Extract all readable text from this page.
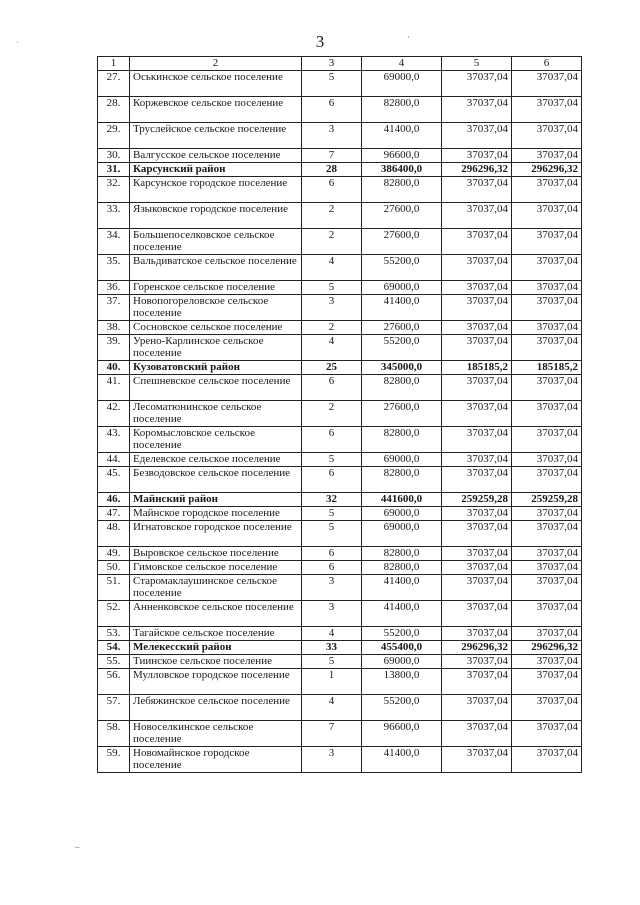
3
1	2	3	4	5	6
27.	Оськинское сельское поселение	5	69000,0	37037,04	37037,04
28.	Коржевское сельское поселение	6	82800,0	37037,04	37037,04
29.	Труслейское сельское поселение	3	41400,0	37037,04	37037,04
30.	Валгусское сельское поселение	7	96600,0	37037,04	37037,04
31.	Карсунский район	28	386400,0	296296,32	296296,32
32.	Карсунское городское поселение	6	82800,0	37037,04	37037,04
33.	Языковское городское поселение	2	27600,0	37037,04	37037,04
34.	Большепоселковское сельское поселение	2	27600,0	37037,04	37037,04
35.	Вальдиватское сельское поселение	4	55200,0	37037,04	37037,04
36.	Горенское сельское поселение	5	69000,0	37037,04	37037,04
37.	Новопогореловское сельское поселение	3	41400,0	37037,04	37037,04
38.	Сосновское сельское поселение	2	27600,0	37037,04	37037,04
39.	Урено-Карлинское сельское поселение	4	55200,0	37037,04	37037,04
40.	Кузоватовский район	25	345000,0	185185,2	185185,2
41.	Спешневское сельское поселение	6	82800,0	37037,04	37037,04
42.	Лесоматюнинское сельское поселение	2	27600,0	37037,04	37037,04
43.	Коромысловское сельское поселение	6	82800,0	37037,04	37037,04
44.	Еделевское сельское поселение	5	69000,0	37037,04	37037,04
45.	Безводовское сельское поселение	6	82800,0	37037,04	37037,04
46.	Майнский район	32	441600,0	259259,28	259259,28
47.	Майнское городское поселение	5	69000,0	37037,04	37037,04
48.	Игнатовское городское поселение	5	69000,0	37037,04	37037,04
49.	Выровское сельское поселение	6	82800,0	37037,04	37037,04
50.	Гимовское сельское поселение	6	82800,0	37037,04	37037,04
51.	Старомаклаушинское сельское поселение	3	41400,0	37037,04	37037,04
52.	Анненковское сельское поселение	3	41400,0	37037,04	37037,04
53.	Тагайское сельское поселение	4	55200,0	37037,04	37037,04
54.	Мелекесский район	33	455400,0	296296,32	296296,32
55.	Тиинское сельское поселение	5	69000,0	37037,04	37037,04
56.	Мулловское городское поселение	1	13800,0	37037,04	37037,04
57.	Лебяжинское сельское поселение	4	55200,0	37037,04	37037,04
58.	Новоселкинское сельское поселение	7	96600,0	37037,04	37037,04
59.	Новомайнское городское поселение	3	41400,0	37037,04	37037,04
ˈ
·
–
